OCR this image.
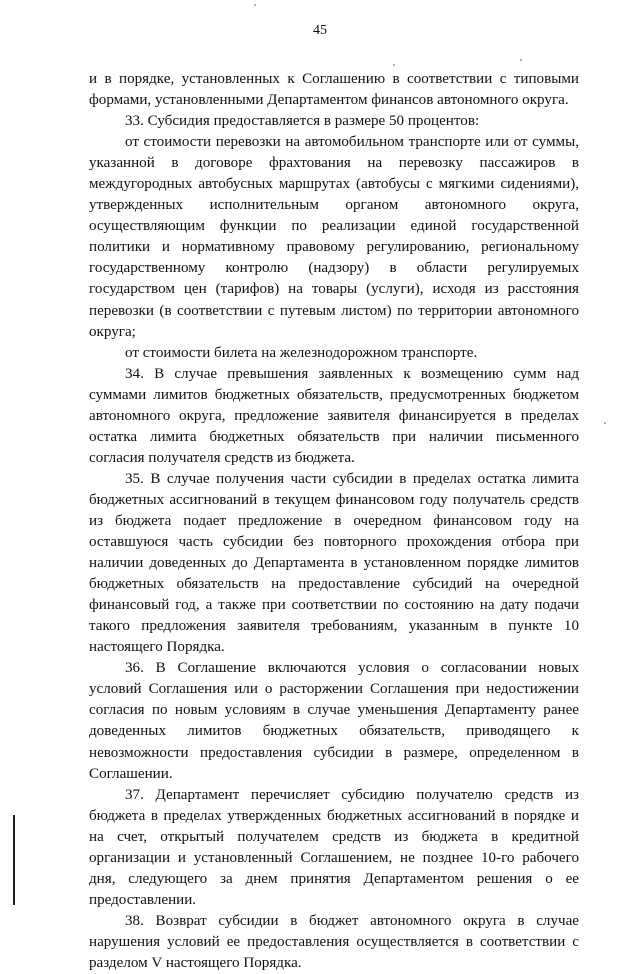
45

и в порядке, установленных к Соглашению в соответствии с типовыми формами, установленными Департаментом финансов автономного округа.

33. Субсидия предоставляется в размере 50 процентов:

от стоимости перевозки на автомобильном транспорте или от суммы, указанной в договоре фрахтования на перевозку пассажиров в междугородных автобусных маршрутах (автобусы с мягкими сидениями), утвержденных исполнительным органом автономного округа, осуществляющим функции по реализации единой государственной политики и нормативному правовому регулированию, региональному государственному контролю (надзору) в области регулируемых государством цен (тарифов) на товары (услуги), исходя из расстояния перевозки (в соответствии с путевым листом) по территории автономного округа;

от стоимости билета на железнодорожном транспорте.

34. В случае превышения заявленных к возмещению сумм над суммами лимитов бюджетных обязательств, предусмотренных бюджетом автономного округа, предложение заявителя финансируется в пределах остатка лимита бюджетных обязательств при наличии письменного согласия получателя средств из бюджета.

35. В случае получения части субсидии в пределах остатка лимита бюджетных ассигнований в текущем финансовом году получатель средств из бюджета подает предложение в очередном финансовом году на оставшуюся часть субсидии без повторного прохождения отбора при наличии доведенных до Департамента в установленном порядке лимитов бюджетных обязательств на предоставление субсидий на очередной финансовый год, а также при соответствии по состоянию на дату подачи такого предложения заявителя требованиям, указанным в пункте 10 настоящего Порядка.

36. В Соглашение включаются условия о согласовании новых условий Соглашения или о расторжении Соглашения при недостижении согласия по новым условиям в случае уменьшения Департаменту ранее доведенных лимитов бюджетных обязательств, приводящего к невозможности предоставления субсидии в размере, определенном в Соглашении.

37. Департамент перечисляет субсидию получателю средств из бюджета в пределах утвержденных бюджетных ассигнований в порядке и на счет, открытый получателем средств из бюджета в кредитной организации и установленный Соглашением, не позднее 10-го рабочего дня, следующего за днем принятия Департаментом решения о ее предоставлении.

38. Возврат субсидии в бюджет автономного округа в случае нарушения условий ее предоставления осуществляется в соответствии с разделом V настоящего Порядка.
